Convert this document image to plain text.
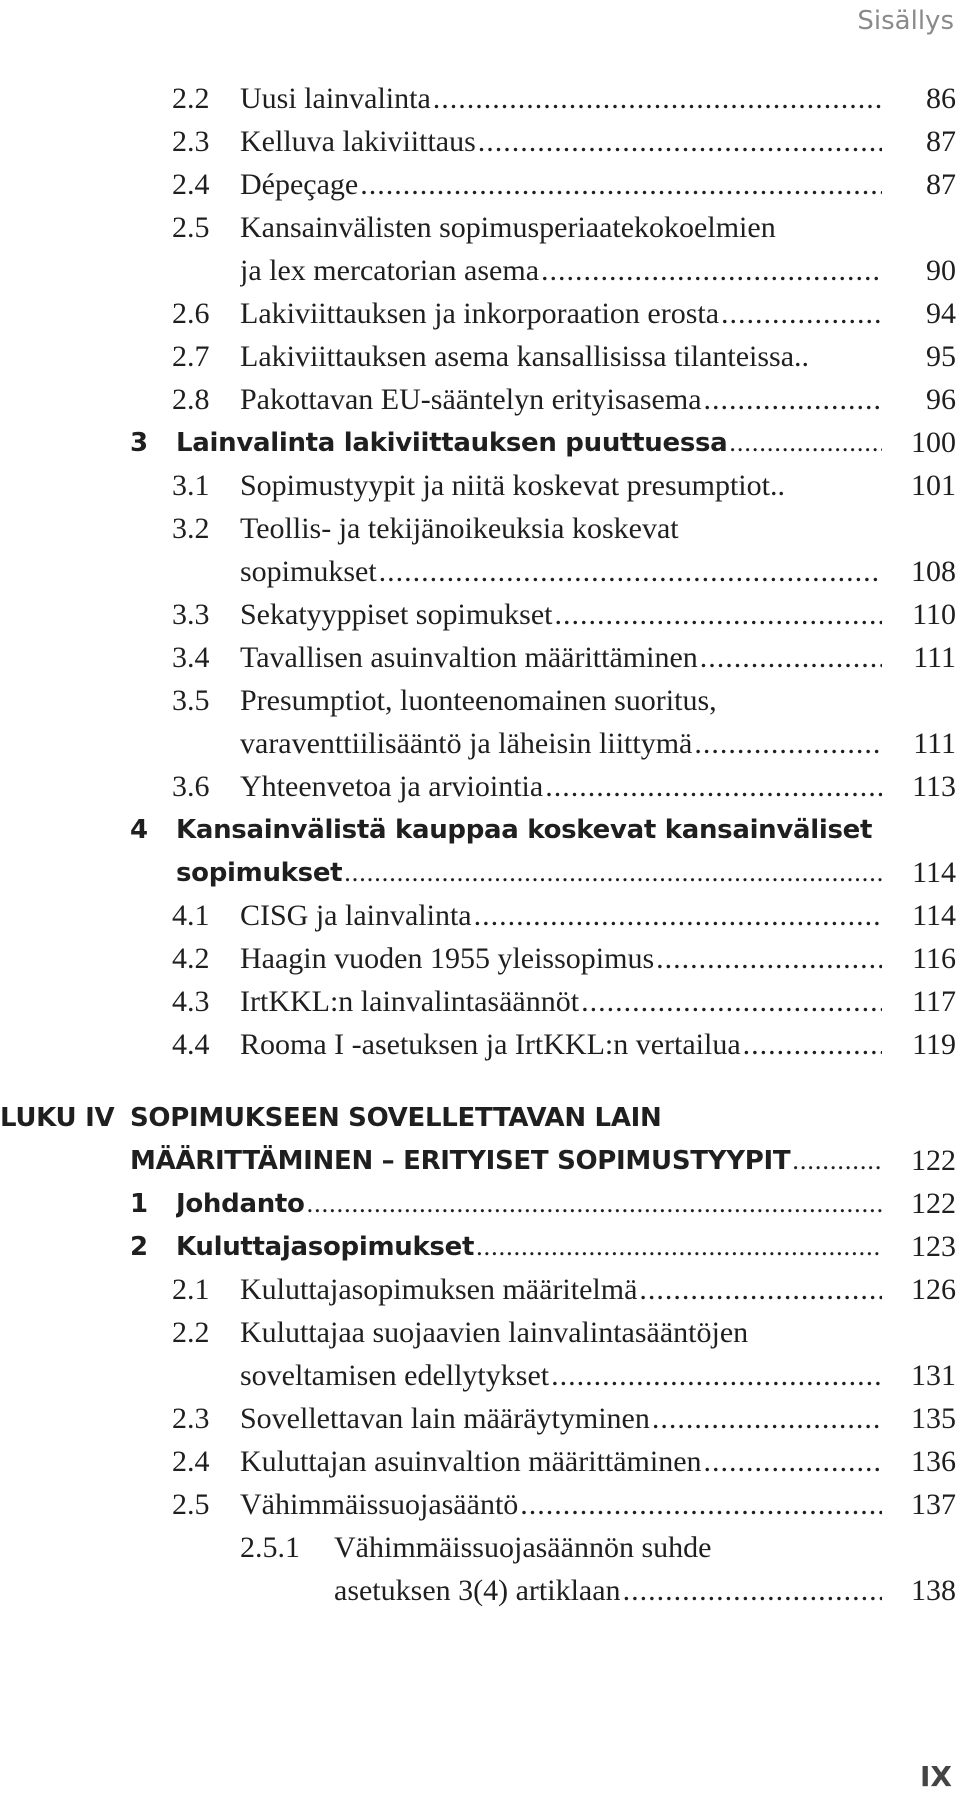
Sisällys
2.2 Uusi lainvalinta .....	86
2.3 Kelluva lakiviittaus .....	87
2.4 Dépeçage .....	87
2.5 Kansainvälisten sopimusperiaatekokoelmien
ja lex mercatorian asema .....	90
2.6 Lakiviittauksen ja inkorporaation erosta .....	94
2.7 Lakiviittauksen asema kansallisissa tilanteissa..	95
2.8 Pakottavan EU-sääntelyn erityisasema .....	96
3 Lainvalinta lakiviittauksen puuttuessa .....	100
3.1 Sopimustyypit ja niitä koskevat presumptiot..	101
3.2 Teollis- ja tekijänoikeuksia koskevat
sopimukset .....	108
3.3 Sekatyyppiset sopimukset .....	110
3.4 Tavallisen asuinvaltion määrittäminen .....	111
3.5 Presumptiot, luonteenomainen suoritus,
varaventtiilisääntö ja läheisin liittymä .....	111
3.6 Yhteenvetoa ja arviointia .....	113
4 Kansainvälistä kauppaa koskevat kansainväliset
sopimukset .....	114
4.1 CISG ja lainvalinta .....	114
4.2 Haagin vuoden 1955 yleissopimus .....	116
4.3 IrtKKL:n lainvalintasäännöt .....	117
4.4 Rooma I -asetuksen ja IrtKKL:n vertailua .....	119
LUKU IV SOPIMUKSEEN SOVELLETTAVAN LAIN
MÄÄRITTÄMINEN – ERITYISET SOPIMUSTYYPIT .....	122
1 Johdanto .....	122
2 Kuluttajasopimukset .....	123
2.1 Kuluttajasopimuksen määritelmä .....	126
2.2 Kuluttajaa suojaavien lainvalintasääntöjen
soveltamisen edellytykset .....	131
2.3 Sovellettavan lain määräytyminen .....	135
2.4 Kuluttajan asuinvaltion määrittäminen .....	136
2.5 Vähimmäissuojasääntö .....	137
2.5.1 Vähimmäissuojasäännön suhde
asetuksen 3(4) artiklaan .....	138
IX
